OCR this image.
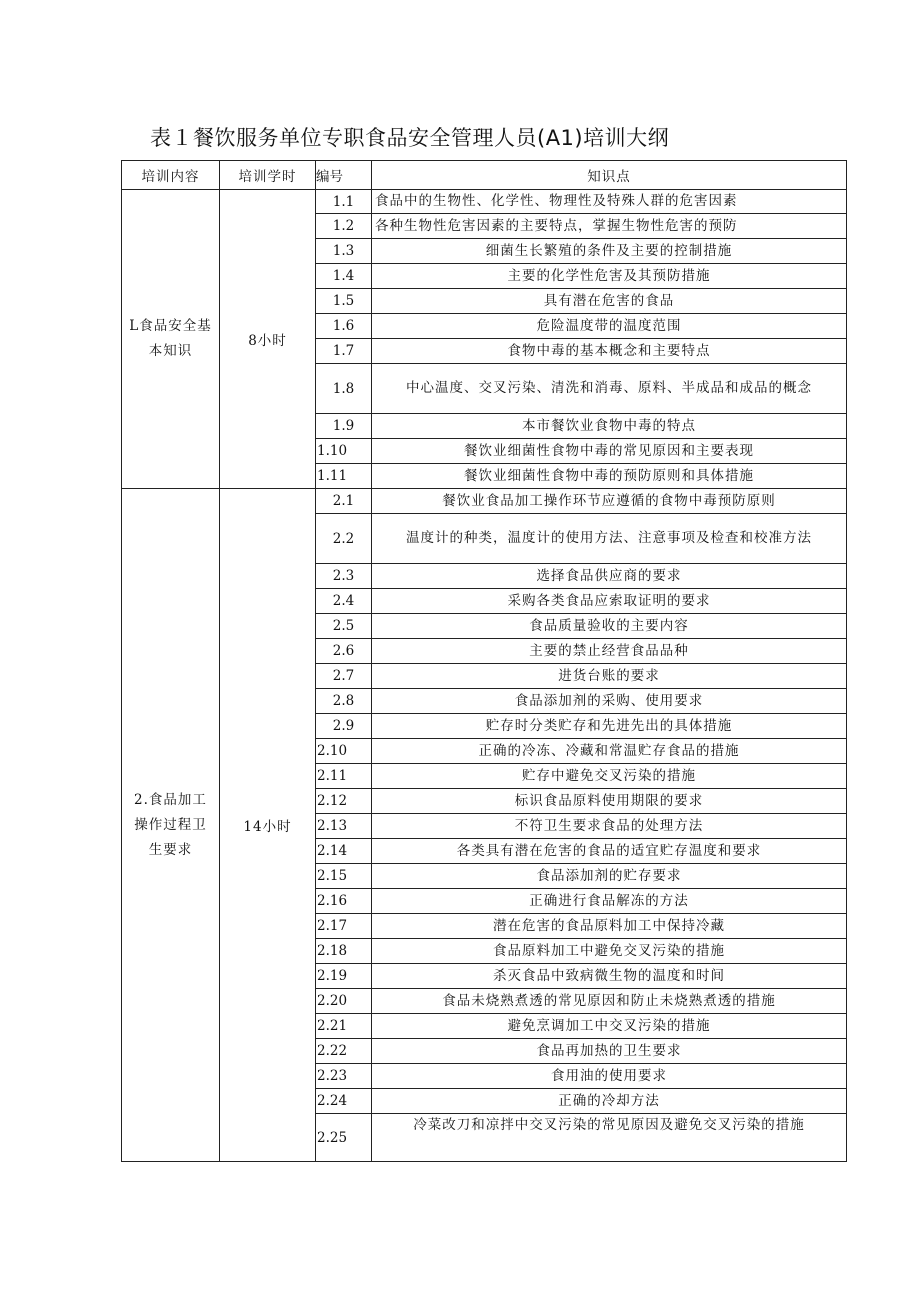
表１餐饮服务单位专职食品安全管理人员(A1)培训大纲
培训内容	培训学时	编号	知识点
L食品安全基本知识	8小时	1.1	食品中的生物性、化学性、物理性及特殊人群的危害因素
		1.2	各种生物性危害因素的主要特点，掌握生物性危害的预防
		1.3	细菌生长繁殖的条件及主要的控制措施
		1.4	主要的化学性危害及其预防措施
		1.5	具有潜在危害的食品
		1.6	危险温度带的温度范围
		1.7	食物中毒的基本概念和主要特点
		1.8	中心温度、交叉污染、清洗和消毒、原料、半成品和成品的概念
		1.9	本市餐饮业食物中毒的特点
		1.10	餐饮业细菌性食物中毒的常见原因和主要表现
		1.11	餐饮业细菌性食物中毒的预防原则和具体措施
2.食品加工操作过程卫生要求	14小时	2.1	餐饮业食品加工操作环节应遵循的食物中毒预防原则
		2.2	温度计的种类，温度计的使用方法、注意事项及检查和校准方法
		2.3	选择食品供应商的要求
		2.4	采购各类食品应索取证明的要求
		2.5	食品质量验收的主要内容
		2.6	主要的禁止经营食品品种
		2.7	进货台账的要求
		2.8	食品添加剂的采购、使用要求
		2.9	贮存时分类贮存和先进先出的具体措施
		2.10	正确的冷冻、冷藏和常温贮存食品的措施
		2.11	贮存中避免交叉污染的措施
		2.12	标识食品原料使用期限的要求
		2.13	不符卫生要求食品的处理方法
		2.14	各类具有潜在危害的食品的适宜贮存温度和要求
		2.15	食品添加剂的贮存要求
		2.16	正确进行食品解冻的方法
		2.17	潜在危害的食品原料加工中保持冷藏
		2.18	食品原料加工中避免交叉污染的措施
		2.19	杀灭食品中致病微生物的温度和时间
		2.20	食品未烧熟煮透的常见原因和防止未烧熟煮透的措施
		2.21	避免烹调加工中交叉污染的措施
		2.22	食品再加热的卫生要求
		2.23	食用油的使用要求
		2.24	正确的冷却方法
		2.25	冷菜改刀和凉拌中交叉污染的常见原因及避免交叉污染的措施
